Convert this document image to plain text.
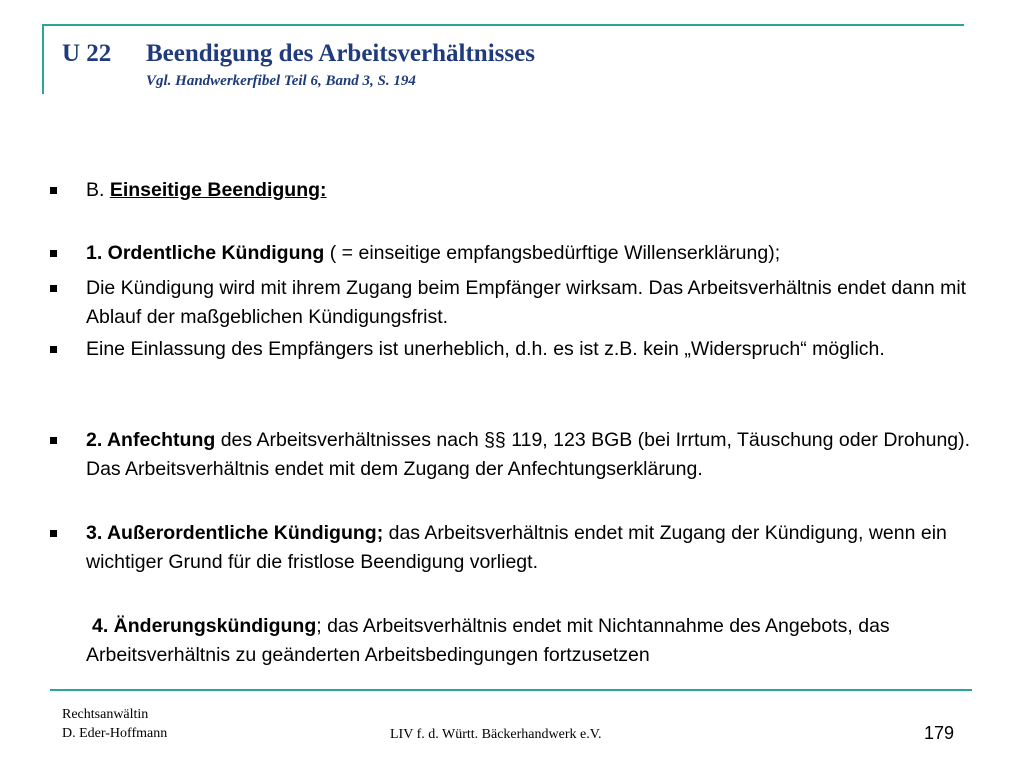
U 22 Beendigung des Arbeitsverhältnisses

Vgl. Handwerkerfibel Teil 6, Band 3, S. 194

B. Einseitige Beendigung:

1. Ordentliche Kündigung ( = einseitige empfangsbedürftige Willenserklärung);

Die Kündigung wird mit ihrem Zugang beim Empfänger wirksam. Das Arbeitsverhältnis endet dann mit Ablauf der maßgeblichen Kündigungsfrist.

Eine Einlassung des Empfängers ist unerheblich, d.h. es ist z.B. kein „Widerspruch“ möglich.

2. Anfechtung des Arbeitsverhältnisses nach §§ 119, 123 BGB (bei Irrtum, Täuschung oder Drohung). Das Arbeitsverhältnis endet mit dem Zugang der Anfechtungserklärung.

3. Außerordentliche Kündigung; das Arbeitsverhältnis endet mit Zugang der Kündigung, wenn ein wichtiger Grund für die fristlose Beendigung vorliegt.

4. Änderungskündigung; das Arbeitsverhältnis endet mit Nichtannahme des Angebots, das Arbeitsverhältnis zu geänderten Arbeitsbedingungen fortzusetzen

Rechtsanwältin
D. Eder-Hoffmann	LIV f. d. Württ. Bäckerhandwerk e.V.	179
